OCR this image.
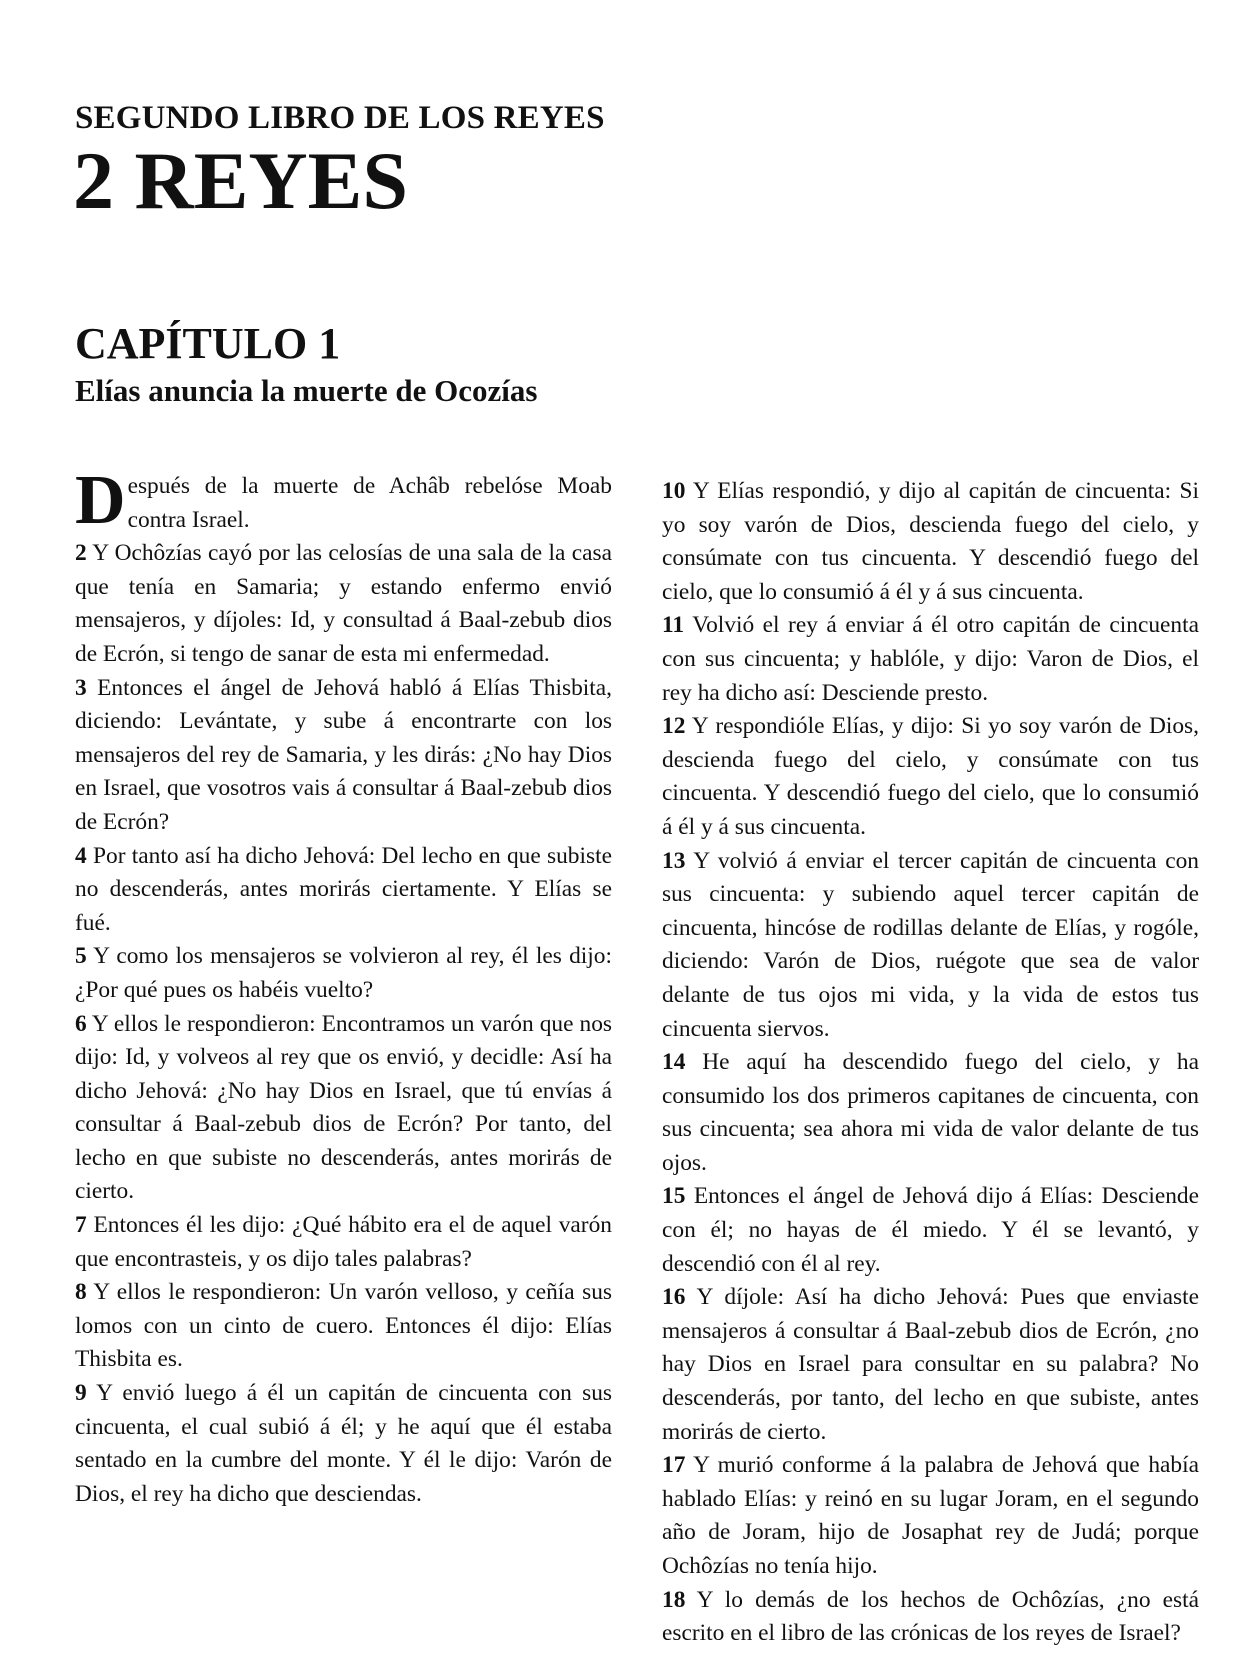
SEGUNDO LIBRO DE LOS REYES
2 REYES
CAPÍTULO 1
Elías anuncia la muerte de Ocozías

Después de la muerte de Achâb rebelóse Moab contra Israel.

2 Y Ochôzías cayó por las celosías de una sala de la casa que tenía en Samaria; y estando enfermo envió mensajeros, y díjoles: Id, y consultad á Baal-zebub dios de Ecrón, si tengo de sanar de esta mi enfermedad.

3 Entonces el ángel de Jehová habló á Elías Thisbita, diciendo: Levántate, y sube á encontrarte con los mensajeros del rey de Samaria, y les dirás: ¿No hay Dios en Israel, que vosotros vais á consultar á Baal-zebub dios de Ecrón?

4 Por tanto así ha dicho Jehová: Del lecho en que subiste no descenderás, antes morirás ciertamente. Y Elías se fué.

5 Y como los mensajeros se volvieron al rey, él les dijo: ¿Por qué pues os habéis vuelto?

6 Y ellos le respondieron: Encontramos un varón que nos dijo: Id, y volveos al rey que os envió, y decidle: Así ha dicho Jehová: ¿No hay Dios en Israel, que tú envías á consultar á Baal-zebub dios de Ecrón? Por tanto, del lecho en que subiste no descenderás, antes morirás de cierto.

7 Entonces él les dijo: ¿Qué hábito era el de aquel varón que encontrasteis, y os dijo tales palabras?

8 Y ellos le respondieron: Un varón velloso, y ceñía sus lomos con un cinto de cuero. Entonces él dijo: Elías Thisbita es.

9 Y envió luego á él un capitán de cincuenta con sus cincuenta, el cual subió á él; y he aquí que él estaba sentado en la cumbre del monte. Y él le dijo: Varón de Dios, el rey ha dicho que desciendas.

10 Y Elías respondió, y dijo al capitán de cincuenta: Si yo soy varón de Dios, descienda fuego del cielo, y consúmate con tus cincuenta. Y descendió fuego del cielo, que lo consumió á él y á sus cincuenta.

11 Volvió el rey á enviar á él otro capitán de cincuenta con sus cincuenta; y hablóle, y dijo: Varon de Dios, el rey ha dicho así: Desciende presto.

12 Y respondióle Elías, y dijo: Si yo soy varón de Dios, descienda fuego del cielo, y consúmate con tus cincuenta. Y descendió fuego del cielo, que lo consumió á él y á sus cincuenta.

13 Y volvió á enviar el tercer capitán de cincuenta con sus cincuenta: y subiendo aquel tercer capitán de cincuenta, hincóse de rodillas delante de Elías, y rogóle, diciendo: Varón de Dios, ruégote que sea de valor delante de tus ojos mi vida, y la vida de estos tus cincuenta siervos.

14 He aquí ha descendido fuego del cielo, y ha consumido los dos primeros capitanes de cincuenta, con sus cincuenta; sea ahora mi vida de valor delante de tus ojos.

15 Entonces el ángel de Jehová dijo á Elías: Desciende con él; no hayas de él miedo. Y él se levantó, y descendió con él al rey.

16 Y díjole: Así ha dicho Jehová: Pues que enviaste mensajeros á consultar á Baal-zebub dios de Ecrón, ¿no hay Dios en Israel para consultar en su palabra? No descenderás, por tanto, del lecho en que subiste, antes morirás de cierto.

17 Y murió conforme á la palabra de Jehová que había hablado Elías: y reinó en su lugar Joram, en el segundo año de Joram, hijo de Josaphat rey de Judá; porque Ochôzías no tenía hijo.

18 Y lo demás de los hechos de Ochôzías, ¿no está escrito en el libro de las crónicas de los reyes de Israel?
